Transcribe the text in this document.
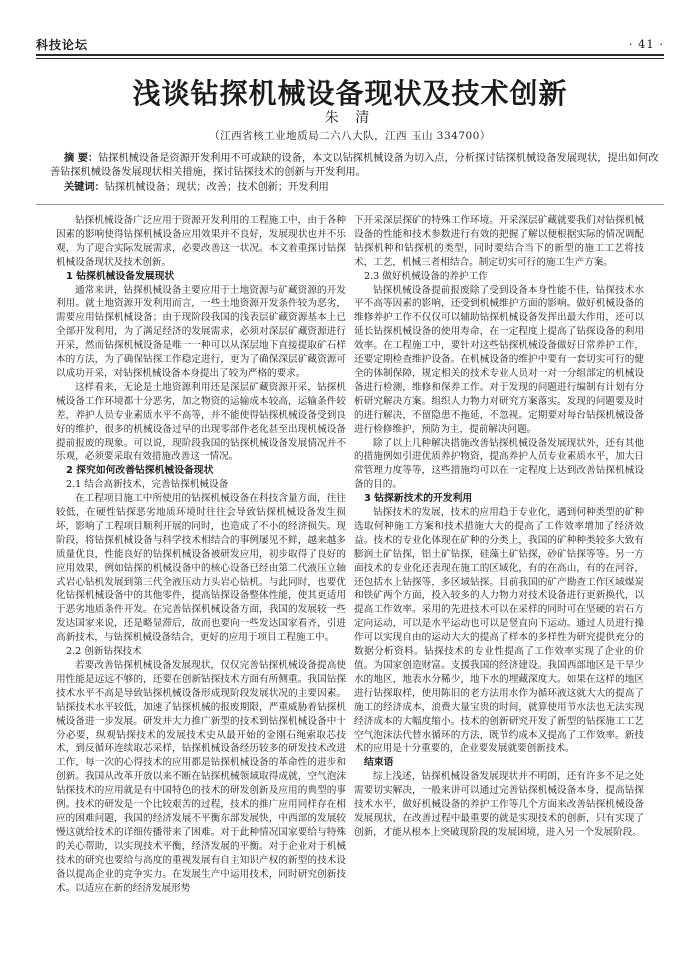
科技论坛	· 41 ·
浅谈钻探机械设备现状及技术创新
朱 清
（江西省核工业地质局二六八大队，江西 玉山 334700）
摘 要：钻探机械设备是资源开发利用不可或缺的设备，本文以钻探机械设备为切入点，分析探讨钻探机械设备发展现状，提出如何改善钻探机械设备发展现状相关措施，探讨钻探技术的创新与开发利用。
关键词：钻探机械设备；现状；改善；技术创新；开发利用

钻探机械设备广泛应用于资源开发利用的工程施工中，由于各种因素的影响使得钻探机械设备应用效果并不良好，发展现状也并不乐观，为了迎合实际发展需求，必要改善这一状况。本文着重探讨钻探机械设备现状及技术创新。

1 钻探机械设备发展现状

通常来讲，钻探机械设备主要应用于土地资源与矿藏资源的开发利用。就土地资源开发利用而言，一些土地资源开发条件较为恶劣，需要应用钻探机械设备；由于现阶段我国的浅表层矿藏资源基本上已全部开发利用，为了满足经济的发展需求，必须对深层矿藏资源进行开采，然而钻探机械设备是唯一一种可以从深层地下直接提取矿石样本的方法，为了确保钻探工作稳定进行，更为了确保深层矿藏资源可以成功开采，对钻探机械设备本身提出了较为严格的要求。

这样看来，无论是土地资源利用还是深层矿藏资源开采，钻探机械设备工作环境都十分恶劣，加之物资的运输成本较高，运输条件较差，养护人员专业素质水平不高等，并不能使得钻探机械设备受到良好的维护，很多的机械设备过早的出现零部件老化甚至出现机械设备提前报废的现象。可以说，现阶段我国的钻探机械设备发展情况并不乐观，必须要采取有效措施改善这一情况。

2 探究如何改善钻探机械设备现状

2.1 结合高新技术，完善钻探机械设备

在工程项目施工中所使用的钻探机械设备在科技含量方面，往往较低，在硬性钻探恶劣地质环境时往往会导致钻探机械设备发生损坏，影响了工程项目顺利开展的同时，也造成了不小的经济损失。现阶段，将钻探机械设备与科学技术相结合的事例屡见不鲜，越来越多质量优良，性能良好的钻探机械设备被研发应用，初步取得了良好的应用效果，例如钻探的机械设备中的核心设备已经由第二代液压立轴式岩心钻机发展到第三代全液压动力头岩心钻机。与此同时，也要优化钻探机械设备中的其他零件，提高钻探设备整体性能，使其更适用于恶劣地质条件开发。在完善钻探机械设备方面，我国的发展较一些发达国家来说，还是略显滞后，故而也要向一些发达国家看齐，引进高新技术，与钻探机械设备结合，更好的应用于项目工程施工中。

2.2 创新钻探技术

若要改善钻探机械设备发展现状，仅仅完善钻探机械设备提高使用性能是远远不够的，还要在创新钻探技术方面有所侧重。我国钻探技术水平不高是导致钻探机械设备形成现阶段发展状况的主要因素。钻探技术水平较低，加速了钻探机械的报废期限，严重威胁着钻探机械设备进一步发展。研发并大力推广新型的技术到钻探机械设备中十分必要，纵观钻探技术的发展技术史从最开始的金刚石绳索取芯技术，到反循环连续取芯采样，钻探机械设备经历较多的研发技术改进工作，每一次的心得技术的应用都是钻探机械设备的革命性的进步和创新。我国从改革开放以来不断在钻探机械领域取得成就，空气泡沫钻探技术的应用就是有中国特色的技术的研发创新及应用的典型的事例。技术的研发是一个比较艰苦的过程，技术的推广应用同样存在相应的困难问题，我国的经济发展不平衡东部发展快，中西部的发展较慢这就给技术的详细传播带来了困难。对于此种情况国家要给与特殊的关心帮助，以实现技术平衡，经济发展的平衡。对于企业对于机械技术的研究也要给与高度的重视发展有自主知识产权的新型的技术设备以提高企业的竞争实力。在发展生产中运用技术，同时研究创新技术。以适应在新的经济发展形势

下开采深层探矿的特殊工作环境。开采深层矿藏就要我们对钻探机械设备的性能和技术参数进行有效的把握了解以便根据实际的情况调配钻探机种和钻探机的类型，同时要结合当下的新型的施工工艺将技术，工艺，机械三者相结合。制定切实可行的施工生产方案。

2.3 做好机械设备的养护工作

钻探机械设备提前报废除了受到设备本身性能不佳，钻探技术水平不高等因素的影响，还受到机械维护方面的影响。做好机械设备的维修养护工作不仅仅可以辅助钻探机械设备发挥出最大作用，还可以延长钻探机械设备的使用寿命，在一定程度上提高了钻探设备的利用效率。在工程施工中，要针对这些钻探机械设备做好日常养护工作，还要定期检查维护设备。在机械设备的维护中要有一套切实可行的健全的体制保障，规定相关的技术专业人员对一对一分组部定的机械设备进行检测，维修和保养工作。对于发现的问题进行编制有计划有分析研究解决方案。组织人力物力对研究方案落实。发现的问题要及时的进行解决，不留隐患不拖延，不忽视。定期要对每台钻探机械设备进行检修维护，预防为主，提前解决问题。

除了以上几种解决措施改善钻探机械设备发展现状外，还有其他的措施例如引进优质养护物资，提高养护人员专业素质水平，加大日常管理力度等等，这些措施均可以在一定程度上达到改善钻探机械设备的目的。

3 钻探新技术的开发利用

钻探技术的发展，技术的应用趋于专业化，遇到何种类型的矿种选取何种施工方案和技术措施大大的提高了工作效率增加了经济效益。技术的专业化体现在矿种的分类上，我国的矿种种类较多大致有膨润土矿钻探，铝土矿钻探，硅藻土矿钻探，砂矿钻探等等。另一方面技术的专业化还表现在施工的区域化，有的在高山，有的在河谷，还包括水上钻探等，多区域钻探。目前我国的矿产勘查工作区域煤炭和铁矿两个方面，投入较多的人力物力对技术设备进行更新换代，以提高工作效率。采用的先进技术可以在采样的同时可在坚硬的岩石方定向运动，可以是水平运动也可以是竖直向下运动。通过人员进行操作可以实现自由的运动大大的提高了样本的多样性为研究提供充分的数据分析资料。钻探技术的专业性提高了工作效率实现了企业的价值。为国家创造财富。支援我国的经济建设。我国西部地区是干旱少水的地区，地表水分稀少，地下水的埋藏深度大。如果在这样的地区进行钻探取样，使用陈旧的老方法用水作为循环液这就大大的提高了施工的经济成本，浪费大量宝贵的时间，就算使用节水法也无法实现经济成本的大幅度缩小。技术的创新研究开发了新型的钻探施工工艺空气泡沫法代替水循环的方法，既节约成本又提高了工作效率。新技术的应用是十分重要的，企业要发展就要创新技术。

结束语

综上浅述，钻探机械设备发展现状并不明朗，还有许多不足之处需要切实解决，一般来讲可以通过完善钻探机械设备本身，提高钻探技术水平，做好机械设备的养护工作等几个方面来改善钻探机械设备发展现状，在改善过程中最重要的就是实现技术的创新，只有实现了创新，才能从根本上突破现阶段的发展困境，进入另一个发展阶段。
